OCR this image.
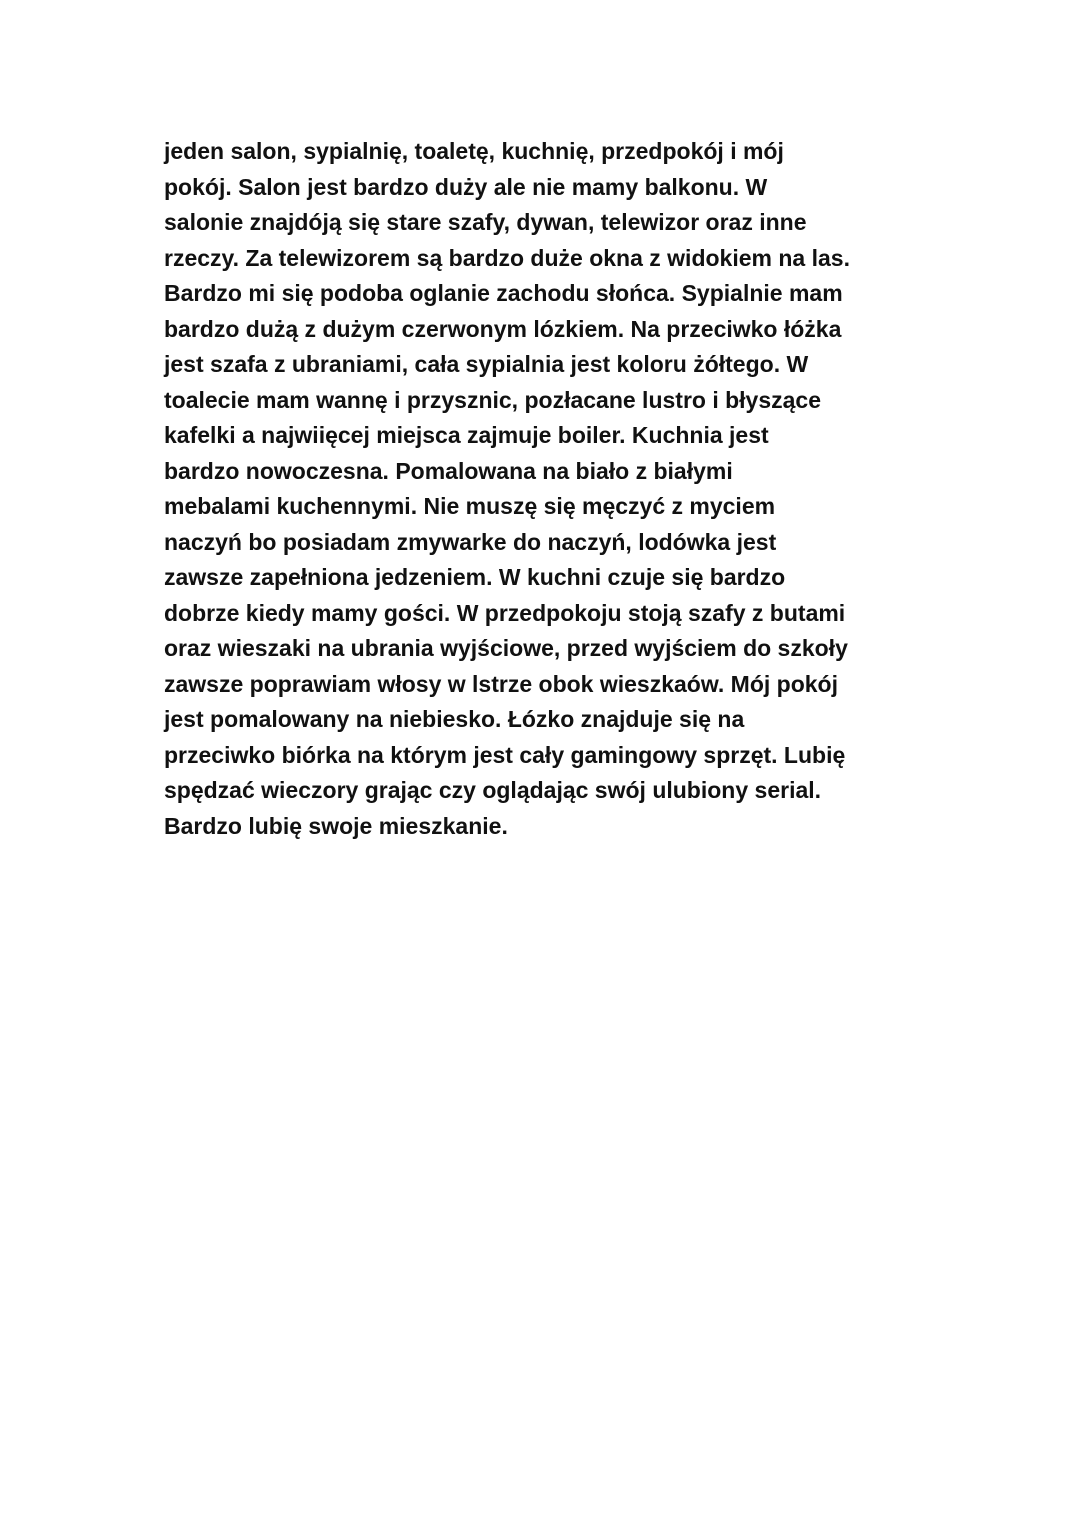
jeden salon, sypialnię, toaletę, kuchnię, przedpokój i mój
pokój. Salon jest bardzo duży ale nie mamy balkonu. W
salonie znajdóją się stare szafy, dywan, telewizor oraz inne
rzeczy. Za telewizorem są bardzo duże okna z widokiem na las.
Bardzo mi się podoba oglanie zachodu słońca. Sypialnie mam
bardzo dużą z dużym czerwonym lózkiem. Na przeciwko łóżka
jest szafa z ubraniami, cała sypialnia jest koloru żółtego. W
toalecie mam wannę i przysznic, pozłacane lustro i błyszące
kafelki a najwiięcej miejsca zajmuje boiler. Kuchnia jest
bardzo nowoczesna. Pomalowana na biało z białymi
mebalami kuchennymi. Nie muszę się męczyć z myciem
naczyń bo posiadam zmywarke do naczyń, lodówka jest
zawsze zapełniona jedzeniem. W kuchni czuje się bardzo
dobrze kiedy mamy gości. W przedpokoju stoją szafy z butami
oraz wieszaki na ubrania wyjściowe, przed wyjściem do szkoły
zawsze poprawiam włosy w lstrze obok wieszkaów. Mój pokój
jest pomalowany na niebiesko. Łózko znajduje się na
przeciwko biórka na którym jest cały gamingowy sprzęt. Lubię
spędzać wieczory grając czy oglądając swój ulubiony serial.
Bardzo lubię swoje mieszkanie.
